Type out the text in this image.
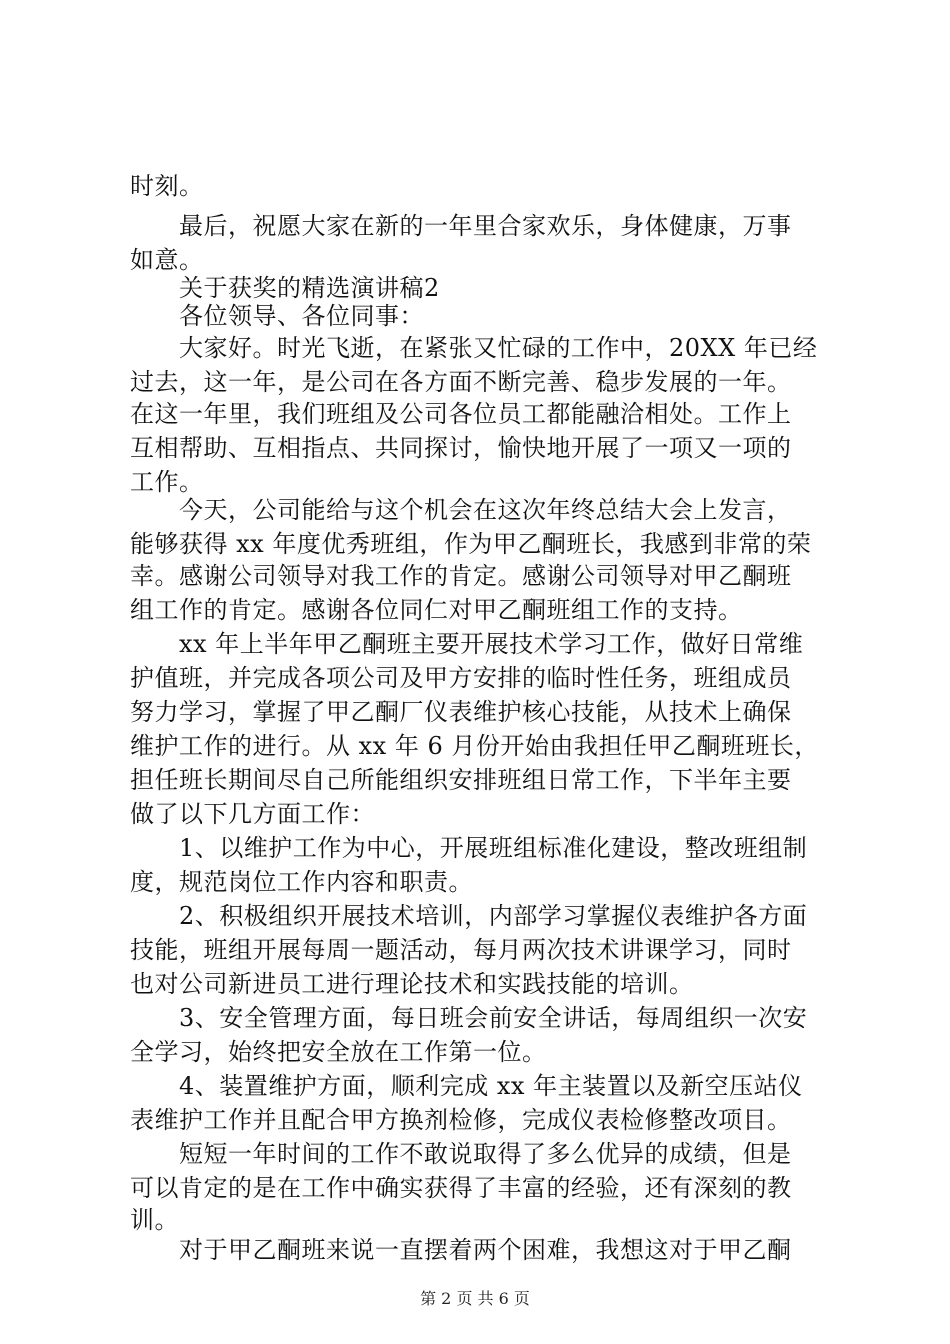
时刻。
　　最后，祝愿大家在新的一年里合家欢乐，身体健康，万事
如意。
　　关于获奖的精选演讲稿2
　　各位领导、各位同事：
　　大家好。时光飞逝，在紧张又忙碌的工作中，20XX 年已经
过去，这一年，是公司在各方面不断完善、稳步发展的一年。
在这一年里，我们班组及公司各位员工都能融洽相处。工作上
互相帮助、互相指点、共同探讨，愉快地开展了一项又一项的
工作。
　　今天，公司能给与这个机会在这次年终总结大会上发言，
能够获得 xx 年度优秀班组，作为甲乙酮班长，我感到非常的荣
幸。感谢公司领导对我工作的肯定。感谢公司领导对甲乙酮班
组工作的肯定。感谢各位同仁对甲乙酮班组工作的支持。
　　xx 年上半年甲乙酮班主要开展技术学习工作，做好日常维
护值班，并完成各项公司及甲方安排的临时性任务，班组成员
努力学习，掌握了甲乙酮厂仪表维护核心技能，从技术上确保
维护工作的进行。从 xx 年 6 月份开始由我担任甲乙酮班班长，
担任班长期间尽自己所能组织安排班组日常工作，下半年主要
做了以下几方面工作：
　　1、以维护工作为中心，开展班组标准化建设，整改班组制
度，规范岗位工作内容和职责。
　　2、积极组织开展技术培训，内部学习掌握仪表维护各方面
技能，班组开展每周一题活动，每月两次技术讲课学习，同时
也对公司新进员工进行理论技术和实践技能的培训。
　　3、安全管理方面，每日班会前安全讲话，每周组织一次安
全学习，始终把安全放在工作第一位。
　　4、装置维护方面，顺利完成 xx 年主装置以及新空压站仪
表维护工作并且配合甲方换剂检修，完成仪表检修整改项目。
　　短短一年时间的工作不敢说取得了多么优异的成绩，但是
可以肯定的是在工作中确实获得了丰富的经验，还有深刻的教
训。
　　对于甲乙酮班来说一直摆着两个困难，我想这对于甲乙酮
第 2 页 共 6 页
